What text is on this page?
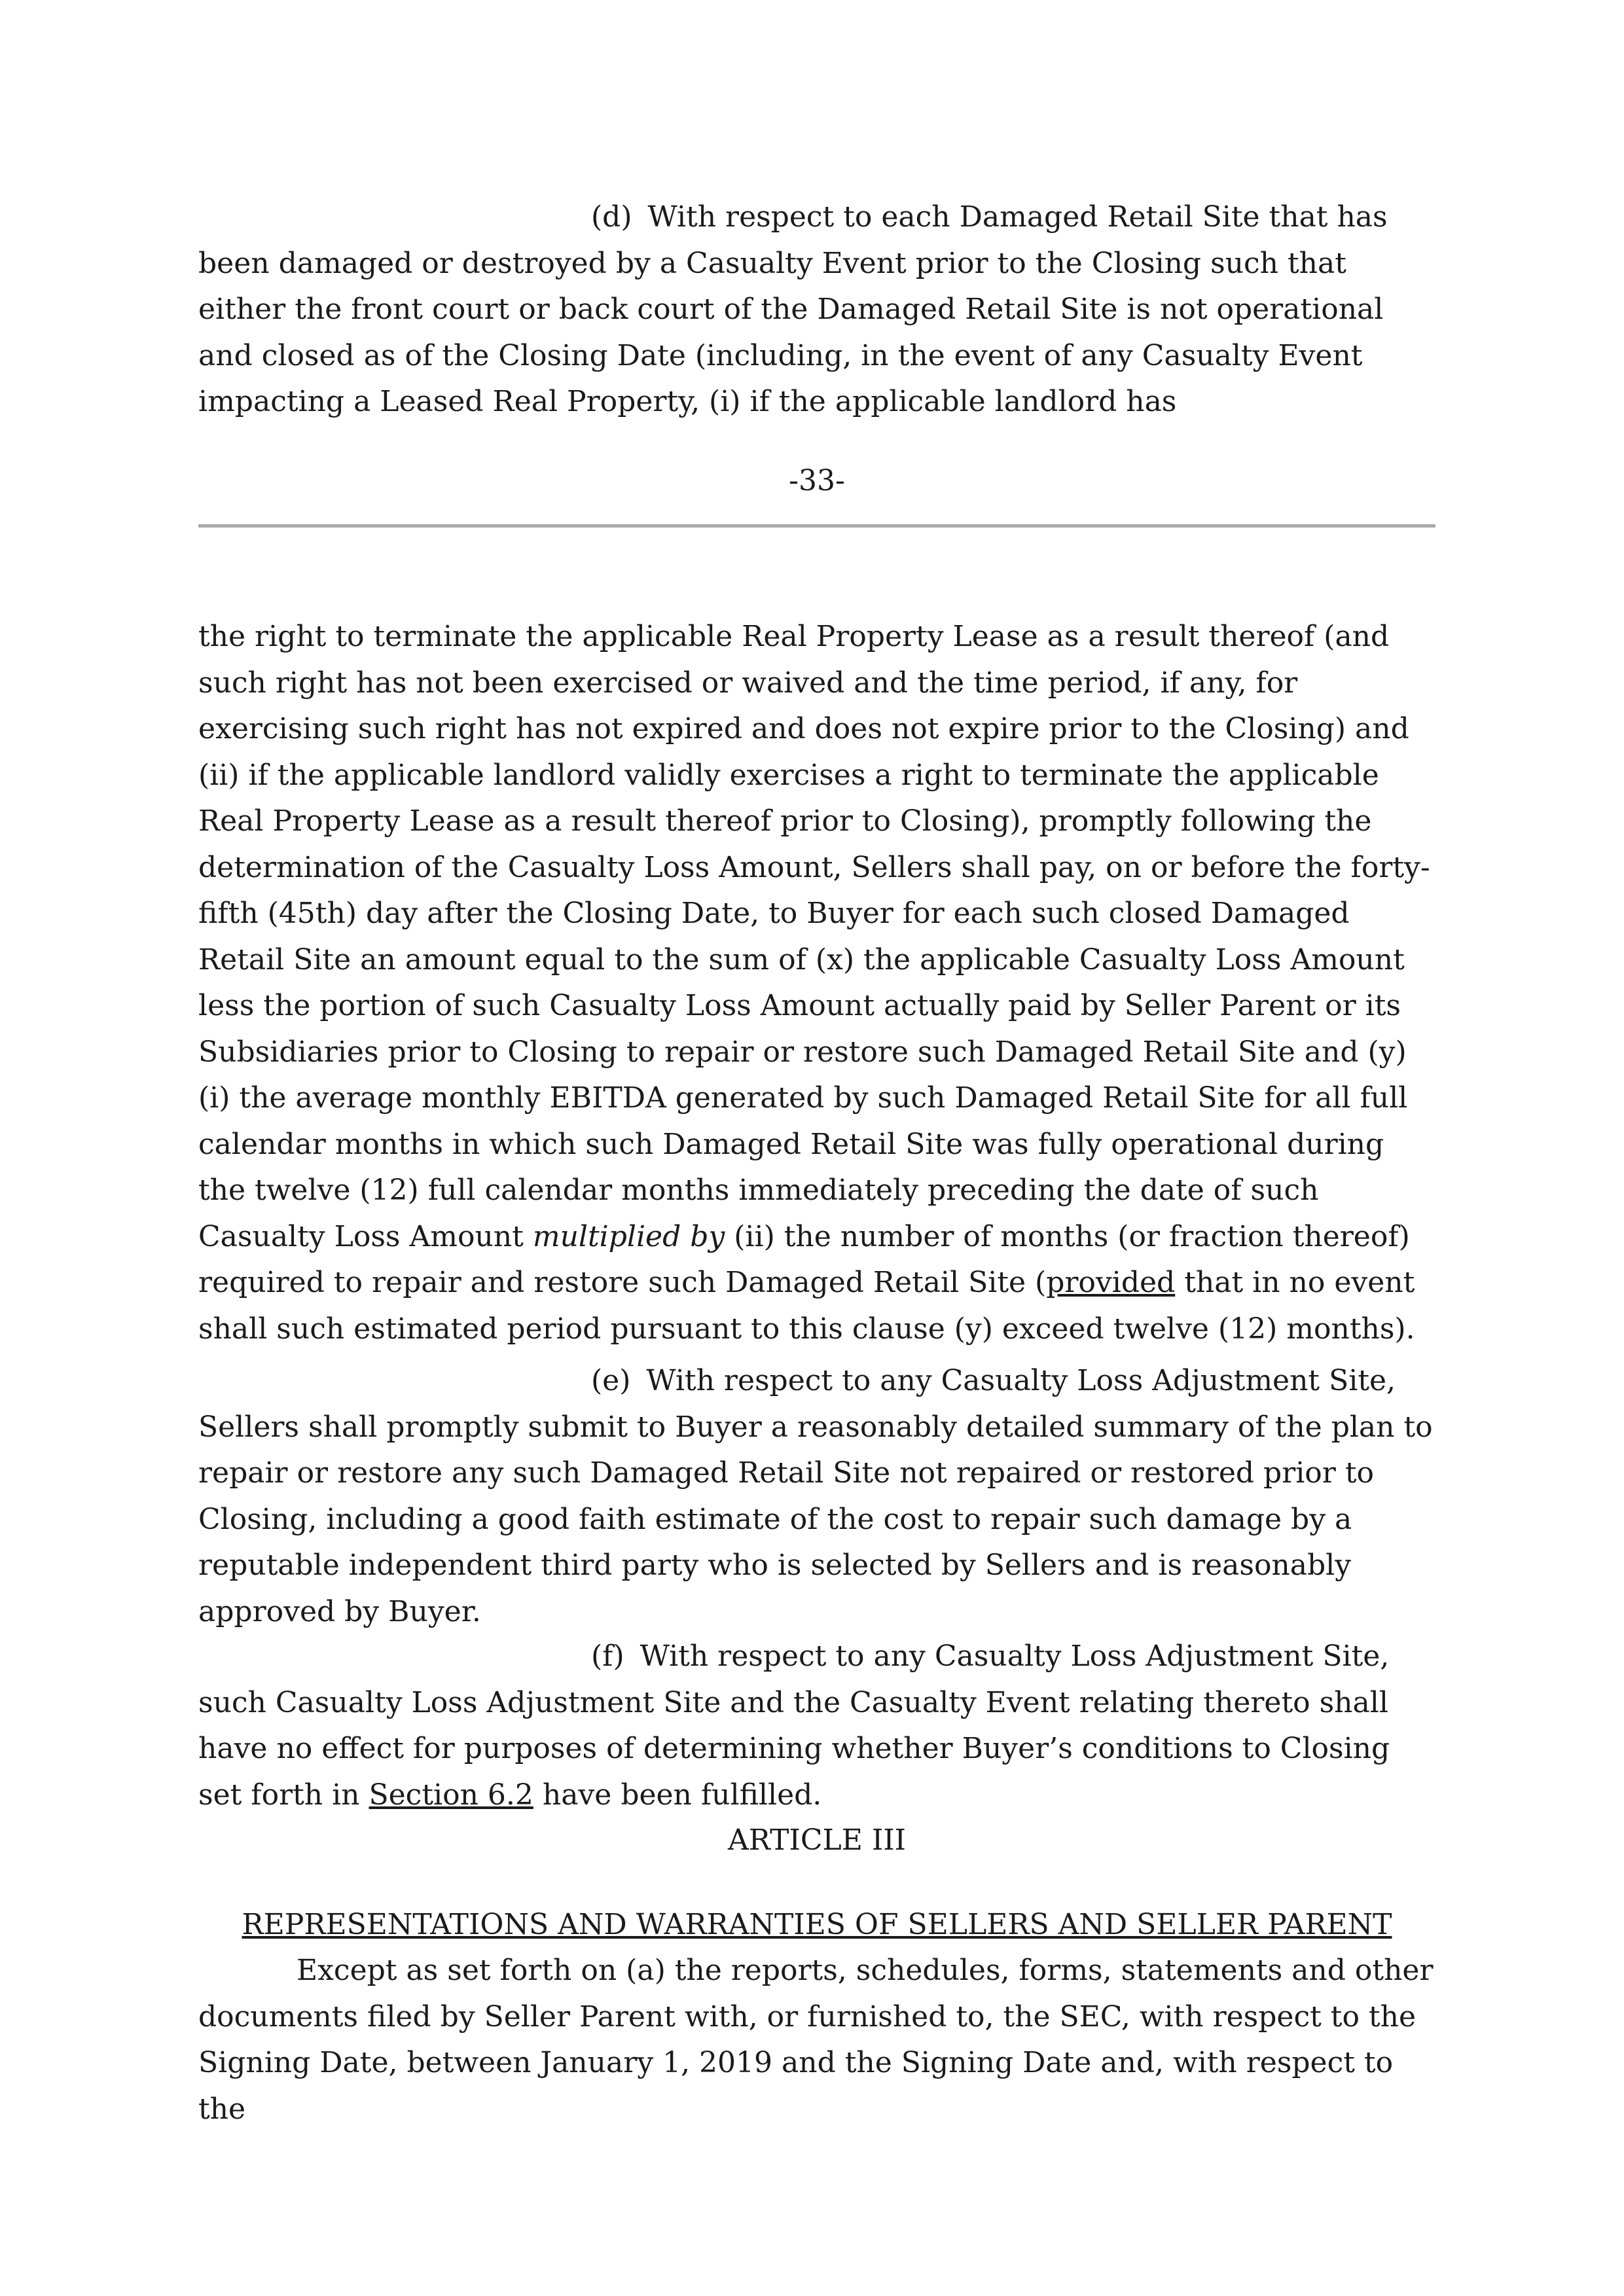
(d) With respect to each Damaged Retail Site that has been damaged or destroyed by a Casualty Event prior to the Closing such that either the front court or back court of the Damaged Retail Site is not operational and closed as of the Closing Date (including, in the event of any Casualty Event impacting a Leased Real Property, (i) if the applicable landlord has

-33-

the right to terminate the applicable Real Property Lease as a result thereof (and such right has not been exercised or waived and the time period, if any, for exercising such right has not expired and does not expire prior to the Closing) and (ii) if the applicable landlord validly exercises a right to terminate the applicable Real Property Lease as a result thereof prior to Closing), promptly following the determination of the Casualty Loss Amount, Sellers shall pay, on or before the forty-fifth (45th) day after the Closing Date, to Buyer for each such closed Damaged Retail Site an amount equal to the sum of (x) the applicable Casualty Loss Amount less the portion of such Casualty Loss Amount actually paid by Seller Parent or its Subsidiaries prior to Closing to repair or restore such Damaged Retail Site and (y) (i) the average monthly EBITDA generated by such Damaged Retail Site for all full calendar months in which such Damaged Retail Site was fully operational during the twelve (12) full calendar months immediately preceding the date of such Casualty Loss Amount multiplied by (ii) the number of months (or fraction thereof) required to repair and restore such Damaged Retail Site (provided that in no event shall such estimated period pursuant to this clause (y) exceed twelve (12) months).

(e) With respect to any Casualty Loss Adjustment Site, Sellers shall promptly submit to Buyer a reasonably detailed summary of the plan to repair or restore any such Damaged Retail Site not repaired or restored prior to Closing, including a good faith estimate of the cost to repair such damage by a reputable independent third party who is selected by Sellers and is reasonably approved by Buyer.

(f) With respect to any Casualty Loss Adjustment Site, such Casualty Loss Adjustment Site and the Casualty Event relating thereto shall have no effect for purposes of determining whether Buyer’s conditions to Closing set forth in Section 6.2 have been fulfilled.

ARTICLE III
REPRESENTATIONS AND WARRANTIES OF SELLERS AND SELLER PARENT

Except as set forth on (a) the reports, schedules, forms, statements and other documents filed by Seller Parent with, or furnished to, the SEC, with respect to the Signing Date, between January 1, 2019 and the Signing Date and, with respect to the
